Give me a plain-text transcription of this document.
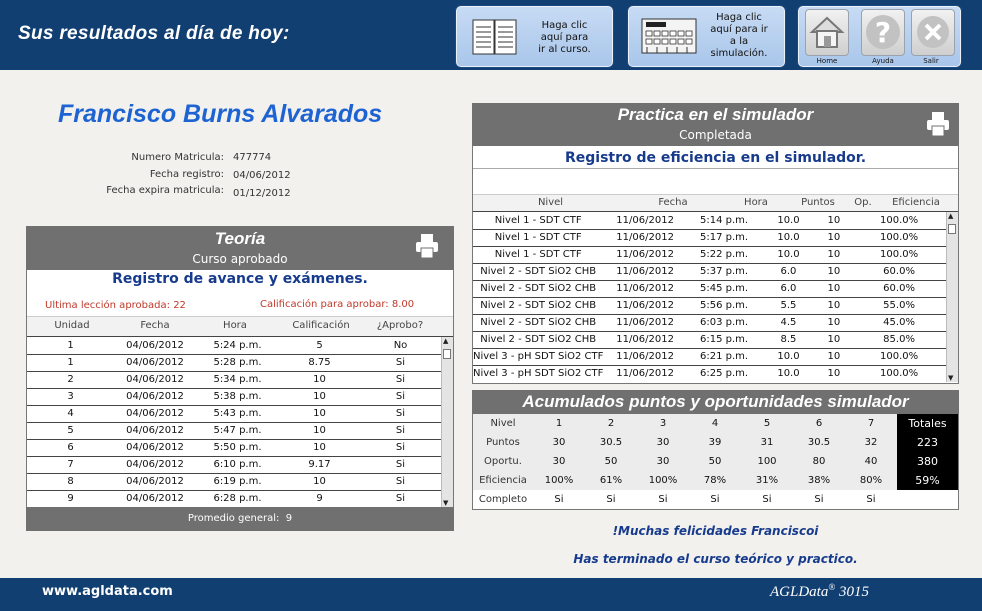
Sus resultados al día de hoy:	Haga clic
aquí para
ir al curso.
Haga clic
aquí para ir
a la
simulación.
?
Home	Ayuda	Salir
Francisco Burns Alvarados
Numero Matricula: 477774
Fecha registro: 04/06/2012
Fecha expira matricula: 01/12/2012
Teoría
Curso aprobado
Registro de avance y exámenes.
Ultima lección aprobada: 22	Calificación para aprobar: 8.00
Unidad	Fecha	Hora	Calificación	¿Aprobo?
1	04/06/2012	5:24 p.m.	5	No
1	04/06/2012	5:28 p.m.	8.75	Si
2	04/06/2012	5:34 p.m.	10	Si
3	04/06/2012	5:38 p.m.	10	Si
4	04/06/2012	5:43 p.m.	10	Si
5	04/06/2012	5:47 p.m.	10	Si
6	04/06/2012	5:50 p.m.	10	Si
7	04/06/2012	6:10 p.m.	9.17	Si
8	04/06/2012	6:19 p.m.	10	Si
9	04/06/2012	6:28 p.m.	9	Si
▲
▼
Promedio general: 9
Practica en el simulador
Completada
Registro de eficiencia en el simulador.
Nivel	Fecha	Hora	Puntos	Op.	Eficiencia
Nivel 1 - SDT CTF	11/06/2012	5:14 p.m.	10.0	10	100.0%
Nivel 1 - SDT CTF	11/06/2012	5:17 p.m.	10.0	10	100.0%
Nivel 1 - SDT CTF	11/06/2012	5:22 p.m.	10.0	10	100.0%
Nivel 2 - SDT SiO2 CHB	11/06/2012	5:37 p.m.	6.0	10	60.0%
Nivel 2 - SDT SiO2 CHB	11/06/2012	5:45 p.m.	6.0	10	60.0%
Nivel 2 - SDT SiO2 CHB	11/06/2012	5:56 p.m.	5.5	10	55.0%
Nivel 2 - SDT SiO2 CHB	11/06/2012	6:03 p.m.	4.5	10	45.0%
Nivel 2 - SDT SiO2 CHB	11/06/2012	6:15 p.m.	8.5	10	85.0%
Nivel 3 - pH SDT SiO2 CTF	11/06/2012	6:21 p.m.	10.0	10	100.0%
Nivel 3 - pH SDT SiO2 CTF	11/06/2012	6:25 p.m.	10.0	10	100.0%
▲
▼
Acumulados puntos y oportunidades simulador
Nivel	1	2	3	4	5	6	7	Totales
Puntos	30	30.5	30	39	31	30.5	32	223
Oportu.	30	50	30	50	100	80	40	380
Eficiencia	100%	61%	100%	78%	31%	38%	80%	59%
Completo	Si	Si	Si	Si	Si	Si	Si	
!Muchas felicidades Franciscoi
Has terminado el curso teórico y practico.
www.agldata.com	AGLData® 3015
